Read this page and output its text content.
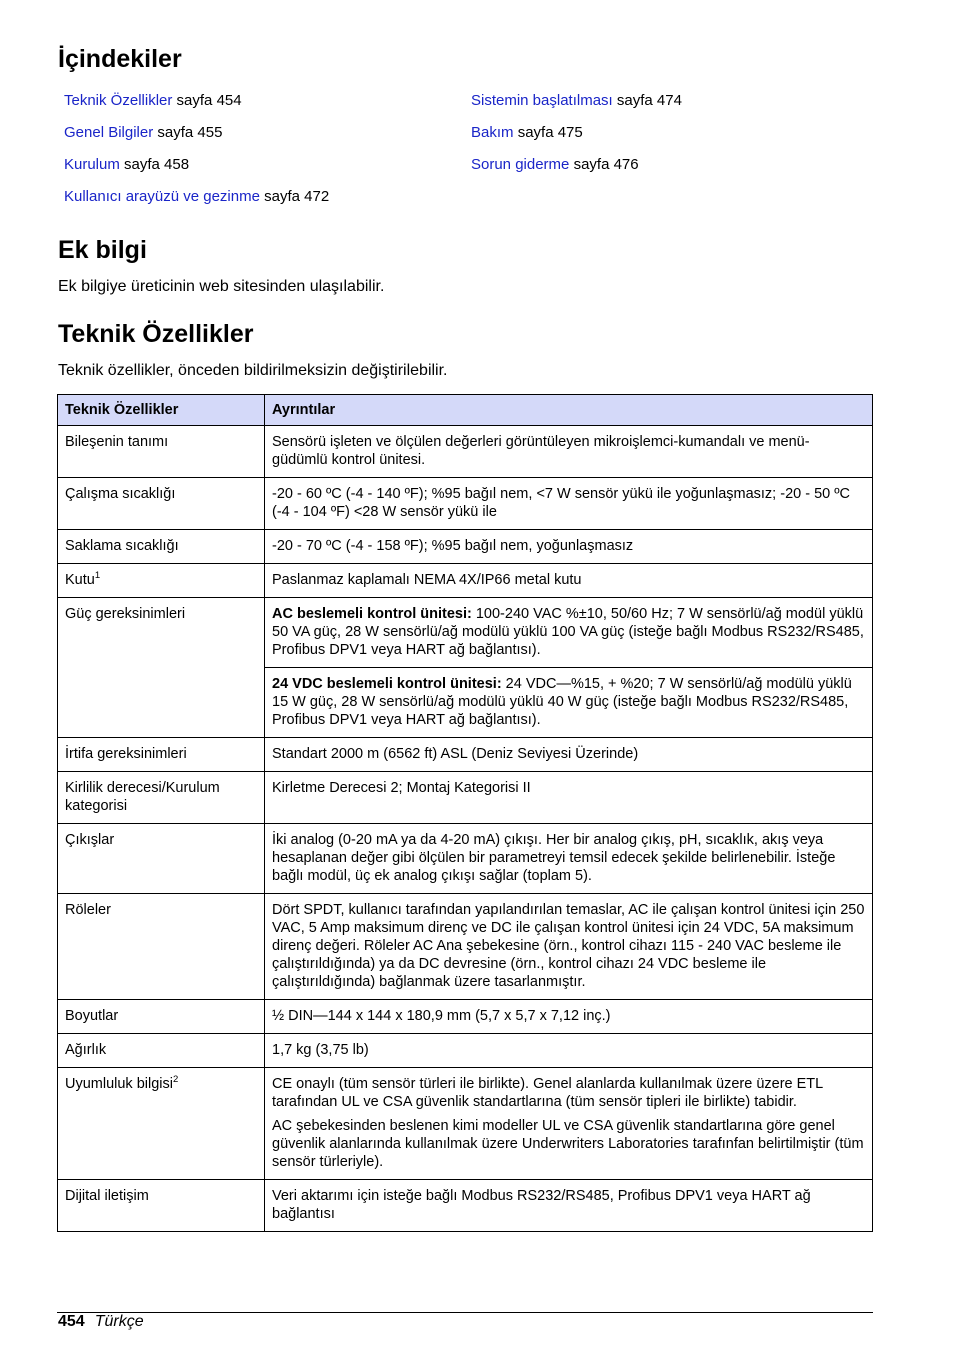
İçindekiler
Teknik Özellikler sayfa 454
Genel Bilgiler sayfa 455
Kurulum sayfa 458
Kullanıcı arayüzü ve gezinme sayfa 472
Sistemin başlatılması sayfa 474
Bakım sayfa 475
Sorun giderme sayfa 476
Ek bilgi

Ek bilgiye üreticinin web sitesinden ulaşılabilir.

Teknik Özellikler

Teknik özellikler, önceden bildirilmeksizin değiştirilebilir.

Teknik Özellikler	Ayrıntılar
Bileşenin tanımı	Sensörü işleten ve ölçülen değerleri görüntüleyen mikroişlemci-kumandalı ve menü-güdümlü kontrol ünitesi.
Çalışma sıcaklığı	-20 - 60 ºC (-4 - 140 ºF); %95 bağıl nem, <7 W sensör yükü ile yoğunlaşmasız; -20 - 50 ºC (-4 - 104 ºF) <28 W sensör yükü ile
Saklama sıcaklığı	-20 - 70 ºC (-4 - 158 ºF); %95 bağıl nem, yoğunlaşmasız
Kutu$^1$	Paslanmaz kaplamalı NEMA 4X/IP66 metal kutu
Güç gereksinimleri	AC beslemeli kontrol ünitesi: 100-240 VAC %±10, 50/60 Hz; 7 W sensörlü/ağ modül yüklü 50 VA güç, 28 W sensörlü/ağ modülü yüklü 100 VA güç (isteğe bağlı Modbus RS232/RS485, Profibus DPV1 veya HART ağ bağlantısı).
	24 VDC beslemeli kontrol ünitesi: 24 VDC—%15, + %20; 7 W sensörlü/ağ modülü yüklü 15 W güç, 28 W sensörlü/ağ modülü yüklü 40 W güç (isteğe bağlı Modbus RS232/RS485, Profibus DPV1 veya HART ağ bağlantısı).
İrtifa gereksinimleri	Standart 2000 m (6562 ft) ASL (Deniz Seviyesi Üzerinde)
Kirlilik derecesi/Kurulum kategorisi	Kirletme Derecesi 2; Montaj Kategorisi II
Çıkışlar	İki analog (0-20 mA ya da 4-20 mA) çıkışı. Her bir analog çıkış, pH, sıcaklık, akış veya hesaplanan değer gibi ölçülen bir parametreyi temsil edecek şekilde belirlenebilir. İsteğe bağlı modül, üç ek analog çıkışı sağlar (toplam 5).
Röleler	Dört SPDT, kullanıcı tarafından yapılandırılan temaslar, AC ile çalışan kontrol ünitesi için 250 VAC, 5 Amp maksimum direnç ve DC ile çalışan kontrol ünitesi için 24 VDC, 5A maksimum direnç değeri. Röleler AC Ana şebekesine (örn., kontrol cihazı 115 - 240 VAC besleme ile çalıştırıldığında) ya da DC devresine (örn., kontrol cihazı 24 VDC besleme ile çalıştırıldığında) bağlanmak üzere tasarlanmıştır.
Boyutlar	½ DIN—144 x 144 x 180,9 mm (5,7 x 5,7 x 7,12 inç.)
Ağırlık	1,7 kg (3,75 lb)
Uyumluluk bilgisi$^2$	CE onaylı (tüm sensör türleri ile birlikte). Genel alanlarda kullanılmak üzere üzere ETL tarafından UL ve CSA güvenlik standartlarına (tüm sensör tipleri ile birlikte) tabidir.
AC şebekesinden beslenen kimi modeller UL ve CSA güvenlik standartlarına göre genel güvenlik alanlarında kullanılmak üzere Underwriters Laboratories tarafınfan belirtilmiştir (tüm sensör türleriyle).

Dijital iletişim	Veri aktarımı için isteğe bağlı Modbus RS232/RS485, Profibus DPV1 veya HART ağ bağlantısı
454 Türkçe
